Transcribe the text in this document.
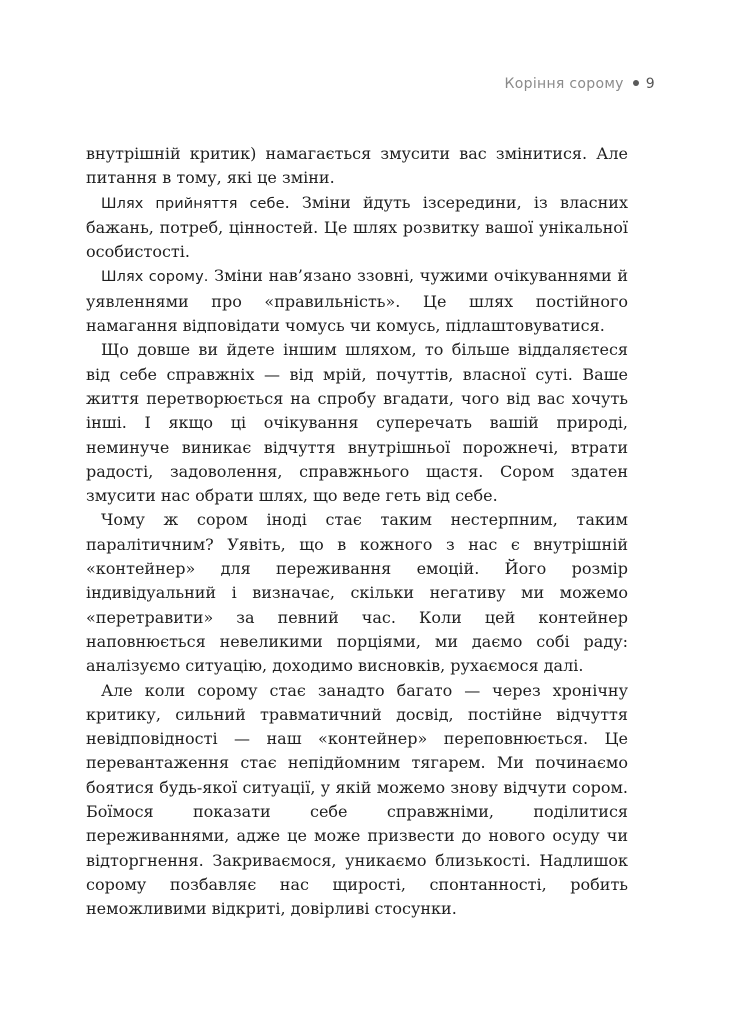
Коріння сорому 9

внутрішній критик) намагається змусити вас змінитися. Але питання в тому, які це зміни.

Шлях прийняття себе. Зміни йдуть ізсередини, із власних бажань, потреб, цінностей. Це шлях розвитку вашої унікальної особистості.

Шлях сорому. Зміни нав’язано ззовні, чужими очікуваннями й уявленнями про «правильність». Це шлях постійного намагання відповідати чомусь чи комусь, підлаштовуватися.

Що довше ви йдете іншим шляхом, то більше віддаляєтеся від себе справжніх — від мрій, почуттів, власної суті. Ваше життя перетворюється на спробу вгадати, чого від вас хочуть інші. І якщо ці очікування суперечать вашій природі, неминуче виникає відчуття внутрішньої порожнечі, втрати радості, задоволення, справжнього щастя. Сором здатен змусити нас обрати шлях, що веде геть від себе.

Чому ж сором іноді стає таким нестерпним, таким паралітичним? Уявіть, що в кожного з нас є внутрішній «контейнер» для переживання емоцій. Його розмір індивідуальний і визначає, скільки негативу ми можемо «перетравити» за певний час. Коли цей контейнер наповнюється невеликими порціями, ми даємо собі раду: аналізуємо ситуацію, доходимо висновків, рухаємося далі.

Але коли сорому стає занадто багато — через хронічну критику, сильний травматичний досвід, постійне відчуття невідповідності — наш «контейнер» переповнюється. Це перевантаження стає непідйомним тягарем. Ми починаємо боятися будь-якої ситуації, у якій можемо знову відчути сором. Боїмося показати себе справжніми, поділитися переживаннями, адже це може призвести до нового осуду чи відторгнення. Закриваємося, уникаємо близькості. Надлишок сорому позбавляє нас щирості, спонтанності, робить неможливими відкриті, довірливі стосунки.
